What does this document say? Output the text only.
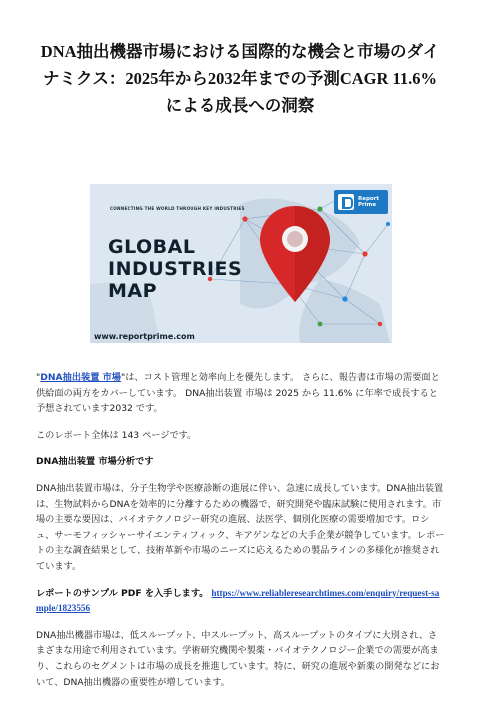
DNA抽出機器市場における国際的な機会と市場のダイナミクス：2025年から2032年までの予測CAGR 11.6%による成長への洞察
CONNECTING THE WORLD THROUGH KEY INDUSTRIES
GLOBAL
INDUSTRIES
MAP
www.reportprime.com
Report
Prime

"DNA抽出装置 市場"は、コスト管理と効率向上を優先します。 さらに、報告書は市場の需要面と供給面の両方をカバーしています。 DNA抽出装置 市場は 2025 から 11.6% に年率で成長すると予想されています2032 です。

このレポート全体は 143 ページです。

DNA抽出装置 市場分析です

DNA抽出装置市場は、分子生物学や医療診断の進展に伴い、急速に成長しています。DNA抽出装置は、生物試料からDNAを効率的に分離するための機器で、研究開発や臨床試験に使用されます。市場の主要な要因は、バイオテクノロジー研究の進展、法医学、個別化医療の需要増加です。ロシュ、サーモフィッシャーサイエンティフィック、キアゲンなどの大手企業が競争しています。レポートの主な調査結果として、技術革新や市場のニーズに応えるための製品ラインの多様化が推奨されています。

レポートのサンプル PDF を入手します。 https://www.reliableresearchtimes.com/enquiry/request-sample/1823556

DNA抽出機器市場は、低スループット、中スループット、高スループットのタイプに大別され、さまざまな用途で利用されています。学術研究機関や製薬・バイオテクノロジー企業での需要が高まり、これらのセグメントは市場の成長を推進しています。特に、研究の進展や新薬の開発などにおいて、DNA抽出機器の重要性が増しています。
